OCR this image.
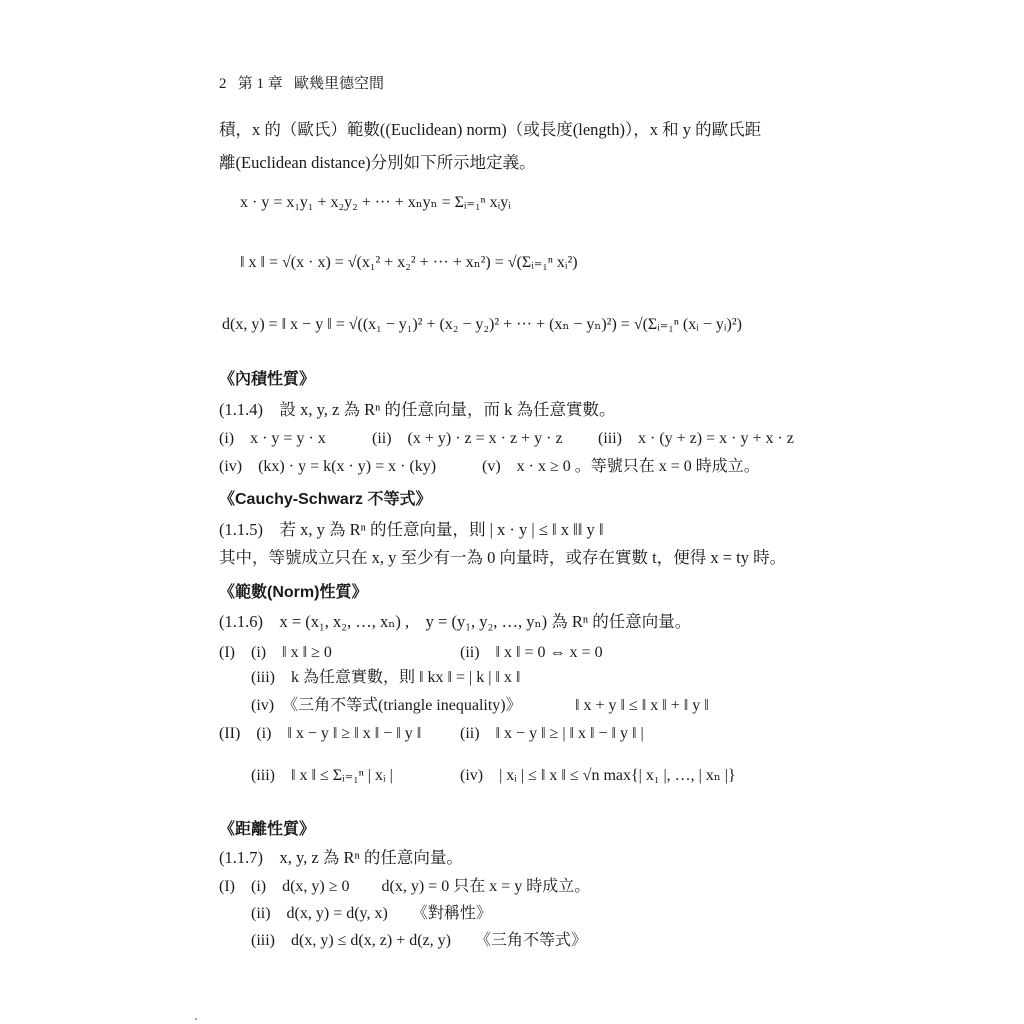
2 第 1 章 歐幾里德空間
積，x 的（歐氏）範數((Euclidean) norm)（或長度(length)），x 和 y 的歐氏距
離(Euclidean distance)分別如下所示地定義。
x · y = x₁y₁ + x₂y₂ + ··· + xₙyₙ = Σᵢ₌₁ⁿ xᵢyᵢ
‖ x ‖ = √(x · x) = √(x₁² + x₂² + ··· + xₙ²) = √(Σᵢ₌₁ⁿ xᵢ²)
d(x, y) = ‖ x − y ‖ = √((x₁ − y₁)² + (x₂ − y₂)² + ··· + (xₙ − yₙ)²) = √(Σᵢ₌₁ⁿ (xᵢ − yᵢ)²)
《內積性質》
(1.1.4)　設 x, y, z 為 Rⁿ 的任意向量，而 k 為任意實數。
(i)　x · y = y · x	(ii)　(x + y) · z = x · z + y · z (iii)　x · (y + z) = x · y + x · z
(iv)　(kx) · y = k(x · y) = x · (ky)	(v)　x · x ≥ 0 。等號只在 x = 0 時成立。
《Cauchy-Schwarz 不等式》
(1.1.5)　若 x, y 為 Rⁿ 的任意向量，則 | x · y | ≤ ‖ x ‖‖ y ‖
其中，等號成立只在 x, y 至少有一為 0 向量時，或存在實數 t，便得 x = ty 時。
《範數(Norm)性質》
(1.1.6)　x = (x₁, x₂, …, xₙ) ,　y = (y₁, y₂, …, yₙ) 為 Rⁿ 的任意向量。
(I)　(i)　‖ x ‖ ≥ 0	(ii)　‖ x ‖ = 0 ⇔ x = 0
(iii)　k 為任意實數，則 ‖ kx ‖ = | k | ‖ x ‖
(iv)　《三角不等式(triangle inequality)》	‖ x + y ‖ ≤ ‖ x ‖ + ‖ y ‖
(II)　(i)　‖ x − y ‖ ≥ ‖ x ‖ − ‖ y ‖ (ii)　‖ x − y ‖ ≥ | ‖ x ‖ − ‖ y ‖ |
(iii)　‖ x ‖ ≤ Σᵢ₌₁ⁿ | xᵢ |	(iv)　| xᵢ | ≤ ‖ x ‖ ≤ √n max{| x₁ |, …, | xₙ |}
《距離性質》
(1.1.7)　x, y, z 為 Rⁿ 的任意向量。
(I)　(i)　d(x, y) ≥ 0　　d(x, y) = 0 只在 x = y 時成立。
(ii)　d(x, y) = d(y, x)　　《對稱性》
(iii)　d(x, y) ≤ d(x, z) + d(z, y)　　《三角不等式》
